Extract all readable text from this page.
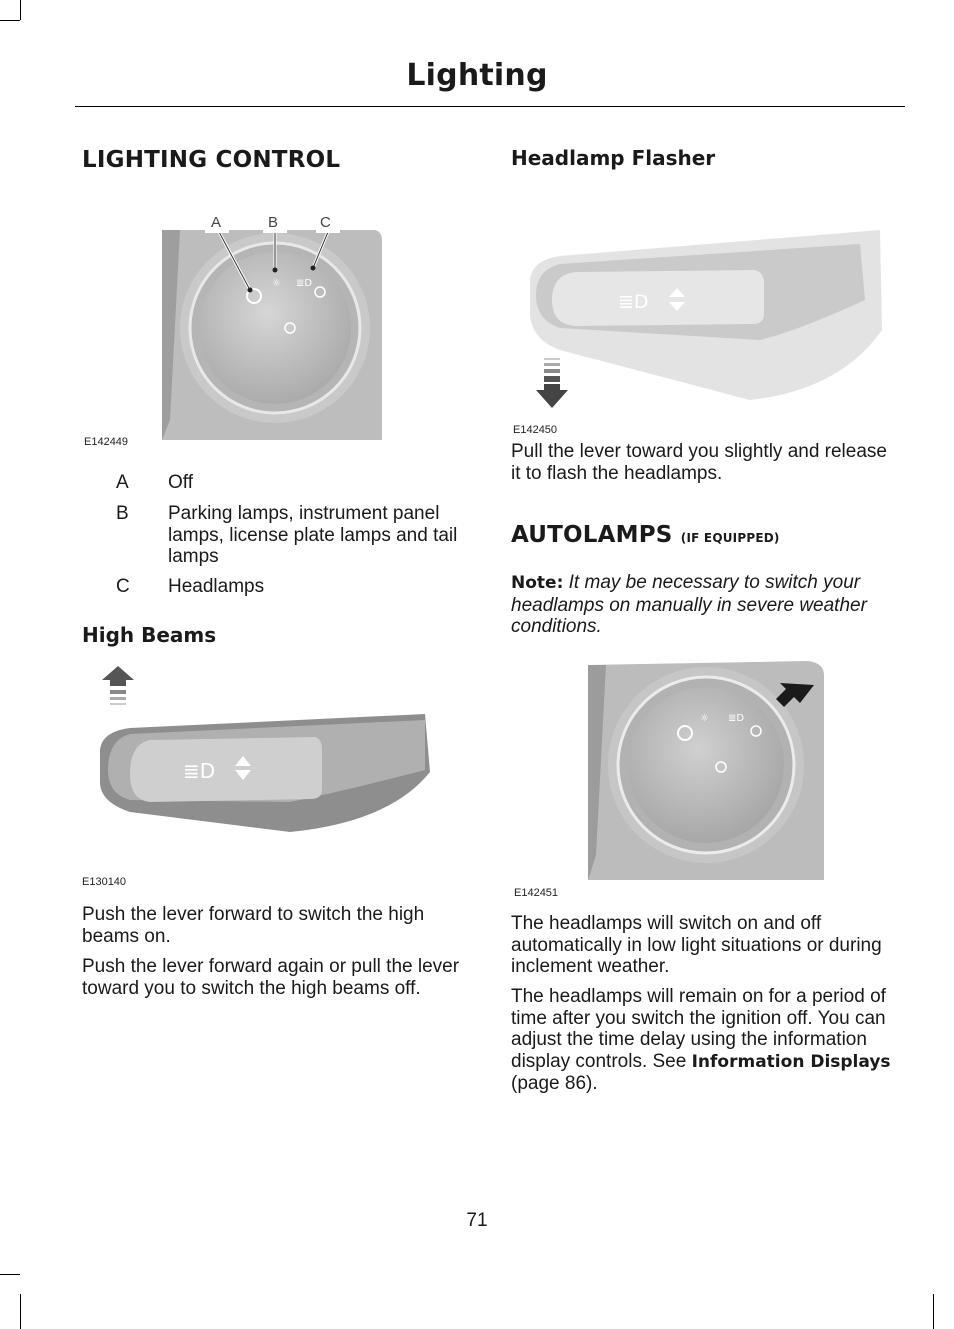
Lighting
LIGHTING CONTROL
☼ ≣D
A	B	C
E142449
A Off
B Parking lamps, instrument panel lamps, license plate lamps and tail lamps
C Headlamps
High Beams
≣D
E130140
Push the lever forward to switch the high beams on.
Push the lever forward again or pull the lever toward you to switch the high beams off.
Headlamp Flasher
≣D
E142450
Pull the lever toward you slightly and release it to flash the headlamps.
AUTOLAMPS (IF EQUIPPED)
Note: It may be necessary to switch your headlamps on manually in severe weather conditions.
☼ ≣D
E142451
The headlamps will switch on and off automatically in low light situations or during inclement weather.
The headlamps will remain on for a period of time after you switch the ignition off. You can adjust the time delay using the information display controls. See Information Displays (page 86).
71
